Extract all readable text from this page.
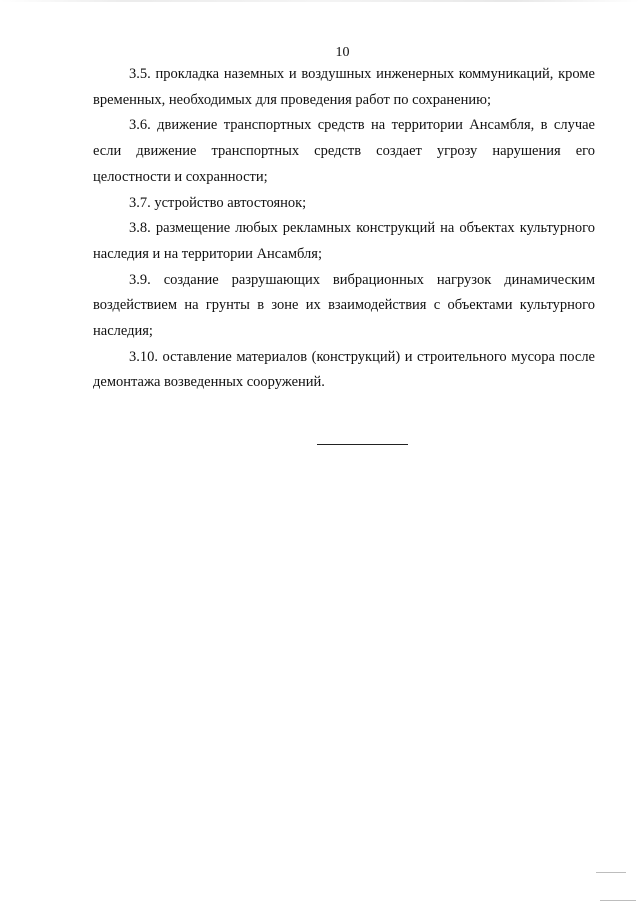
10

3.5. прокладка наземных и воздушных инженерных коммуникаций, кроме временных, необходимых для проведения работ по сохранению;

3.6. движение транспортных средств на территории Ансамбля, в случае если движение транспортных средств создает угрозу нарушения его целостности и сохранности;

3.7. устройство автостоянок;

3.8. размещение любых рекламных конструкций на объектах культурного наследия и на территории Ансамбля;

3.9. создание разрушающих вибрационных нагрузок динамическим воздействием на грунты в зоне их взаимодействия с объектами культурного наследия;

3.10. оставление материалов (конструкций) и строительного мусора после демонтажа возведенных сооружений.
